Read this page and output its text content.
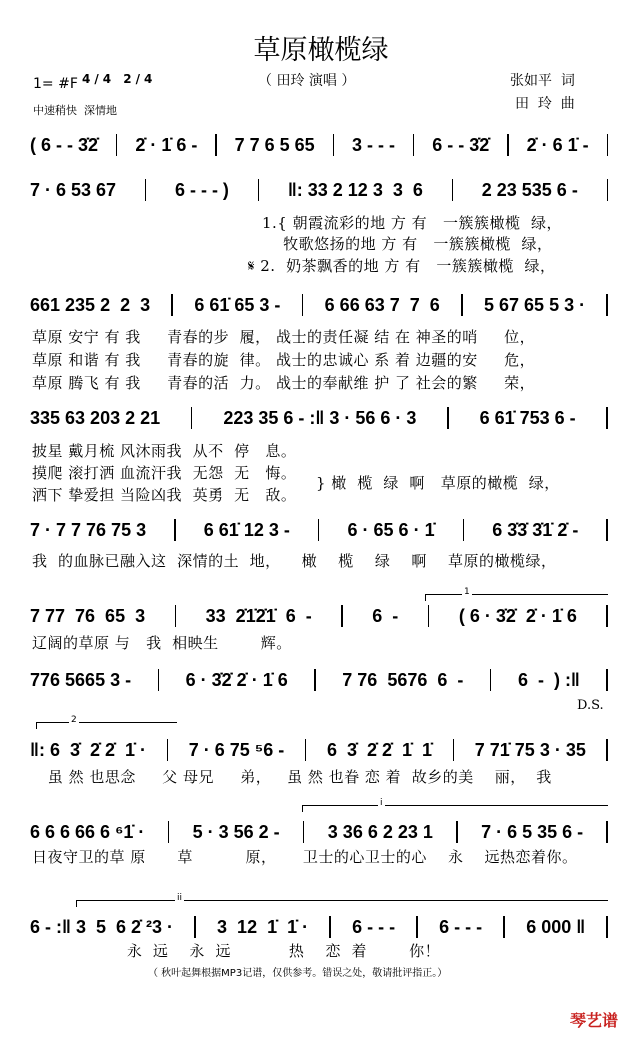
草原橄榄绿
（ 田玲 演唱 ）
1= #F 4/4 2/4
中速稍快  深情地
张如平  词
田  玲  曲
( 6 - - 3̇2̇ 2̇ · 1̇ 6 - 7 7 6 5 65 3 - - - 6 - - 3̇2̇ 2̇ · 6 1̇ -
7 · 6 53 67	6 - - - )	‖: 33 2 12 3  3  6	2 23 535 6 -
661 235 2  2  3 6 61̇ 65 3 - 6 66 63 7  7  6 5 67 65 5 3 ·
335 63 203 2 21	223 35 6 - :‖ 3 · 56 6 · 3	6 61̇ 753 6 -
7 · 7 7 76 75 3	6 61̇ 12 3 -	6 · 65 6 · 1̇	6 3̇3̇ 3̇1̇ 2̇ -
7 77  76  65  3	33  2̇1̇2̇1̇  6  -	6  -	( 6 · 3̇2̇  2̇ · 1̇ 6
776 5665 3 -	6 · 3̇2̇ 2̇ · 1̇ 6	7 76  5676  6  -	6  -  ) :‖
‖: 6  3̇  2̇ 2̇  1̇ · 7 · 6 75 ⁵6 - 6  3̇  2̇ 2̇  1̇  1̇ 7 71̇ 75 3 · 35
6 6 6 66 6 ⁶1̇ ·	5 · 3 56 2 -	3 36 6 2 23 1	7 · 6 5 35 6 -
6 - :‖ 3  5  6 2̇ ²3 · 3  12  1̇  1̇ · 6 - - - 6 - - - 6 000 ‖
1.{ 朝霞流彩的地 方 有   一簇簇橄榄  绿，
牧歌悠扬的地 方 有   一簇簇橄榄  绿，
𝄋 2.  奶茶飘香的地 方 有   一簇簇橄榄  绿，
草原 安宁 有 我     青春的步  履， 战士的责任凝 结 在 神圣的哨     位，
草原 和谐 有 我     青春的旋  律。 战士的忠诚心 系 着 边疆的安     危，
草原 腾飞 有 我     青春的活  力。 战士的奉献维 护 了 社会的繁     荣，
披星 戴月梳 风沐雨我  从不  停   息。
摸爬 滚打洒 血流汗我  无怨  无   悔。
洒下 挚爱担 当险凶我  英勇  无   敌。
} 橄  榄  绿  啊   草原的橄榄  绿，
我  的血脉已融入这  深情的土  地，    橄    榄    绿    啊    草原的橄榄绿，
辽阔的草原 与   我  相映生        辉。
D.S.
虽 然 也思念     父 母兄     弟，   虽 然 也眷 恋 着  故乡的美    丽，  我
日夜守卫的草 原      草          原，     卫士的心卫士的心    永    远热恋着你。
永  远    永  远           热    恋  着        你！
1
2
i
ii
（ 秋叶起舞根据MP3记谱，仅供参考。错误之处，敬请批评指正。）
琴艺谱
